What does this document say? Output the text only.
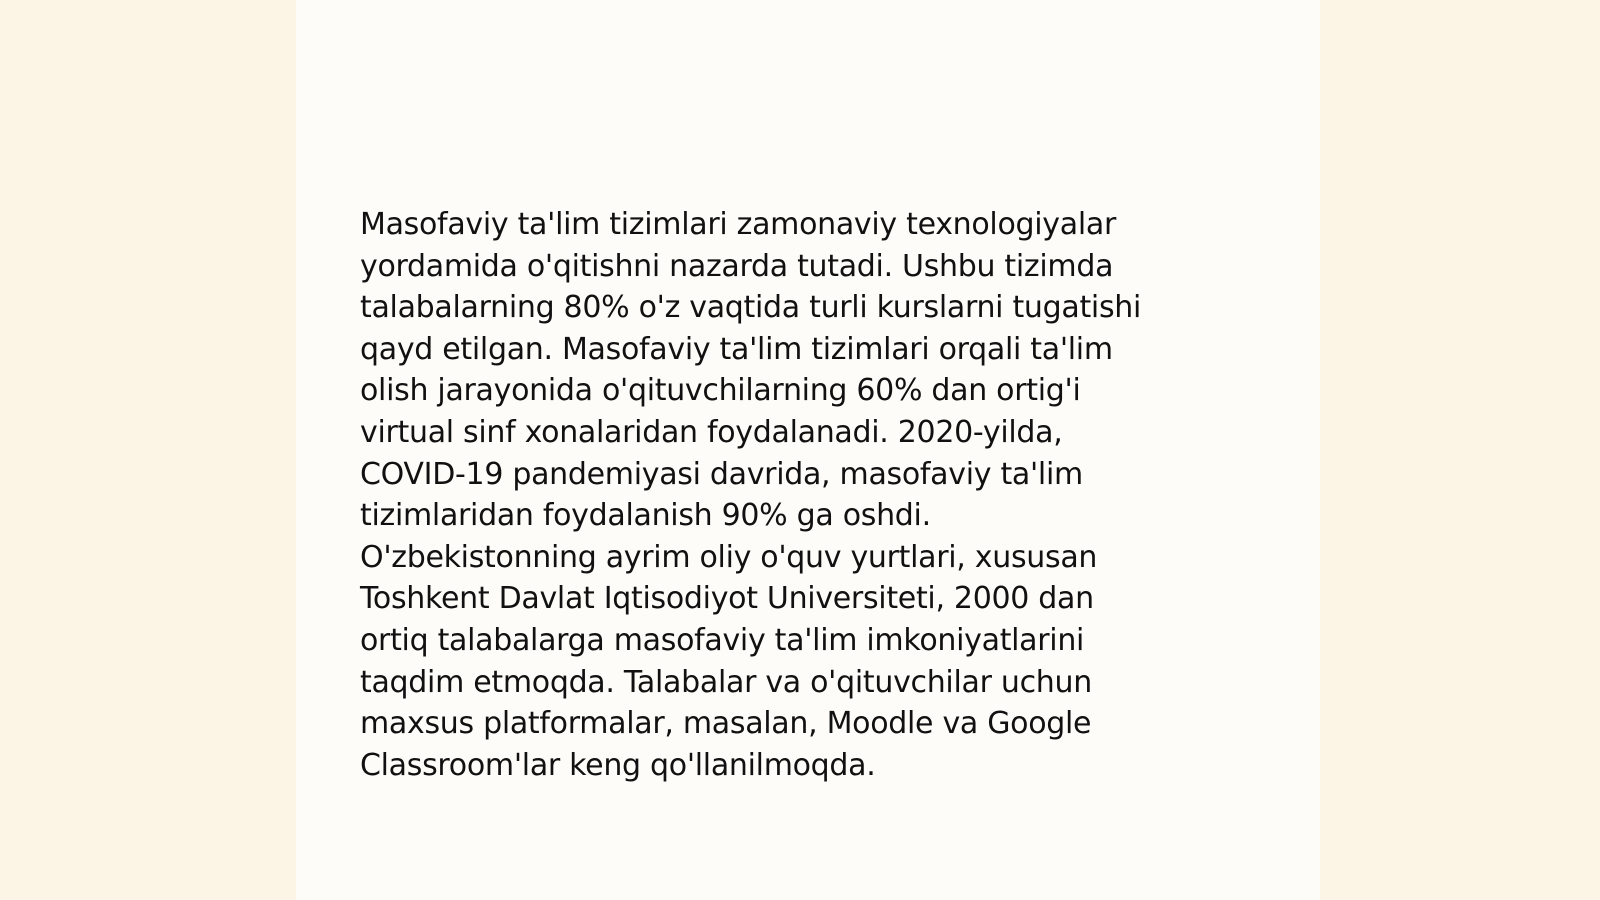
Masofaviy ta'lim tizimlari zamonaviy texnologiyalar
yordamida o'qitishni nazarda tutadi. Ushbu tizimda
talabalarning 80% o'z vaqtida turli kurslarni tugatishi
qayd etilgan. Masofaviy ta'lim tizimlari orqali ta'lim
olish jarayonida o'qituvchilarning 60% dan ortig'i
virtual sinf xonalaridan foydalanadi. 2020-yilda,
COVID-19 pandemiyasi davrida, masofaviy ta'lim
tizimlaridan foydalanish 90% ga oshdi.
O'zbekistonning ayrim oliy o'quv yurtlari, xususan
Toshkent Davlat Iqtisodiyot Universiteti, 2000 dan
ortiq talabalarga masofaviy ta'lim imkoniyatlarini
taqdim etmoqda. Talabalar va o'qituvchilar uchun
maxsus platformalar, masalan, Moodle va Google
Classroom'lar keng qo'llanilmoqda.
